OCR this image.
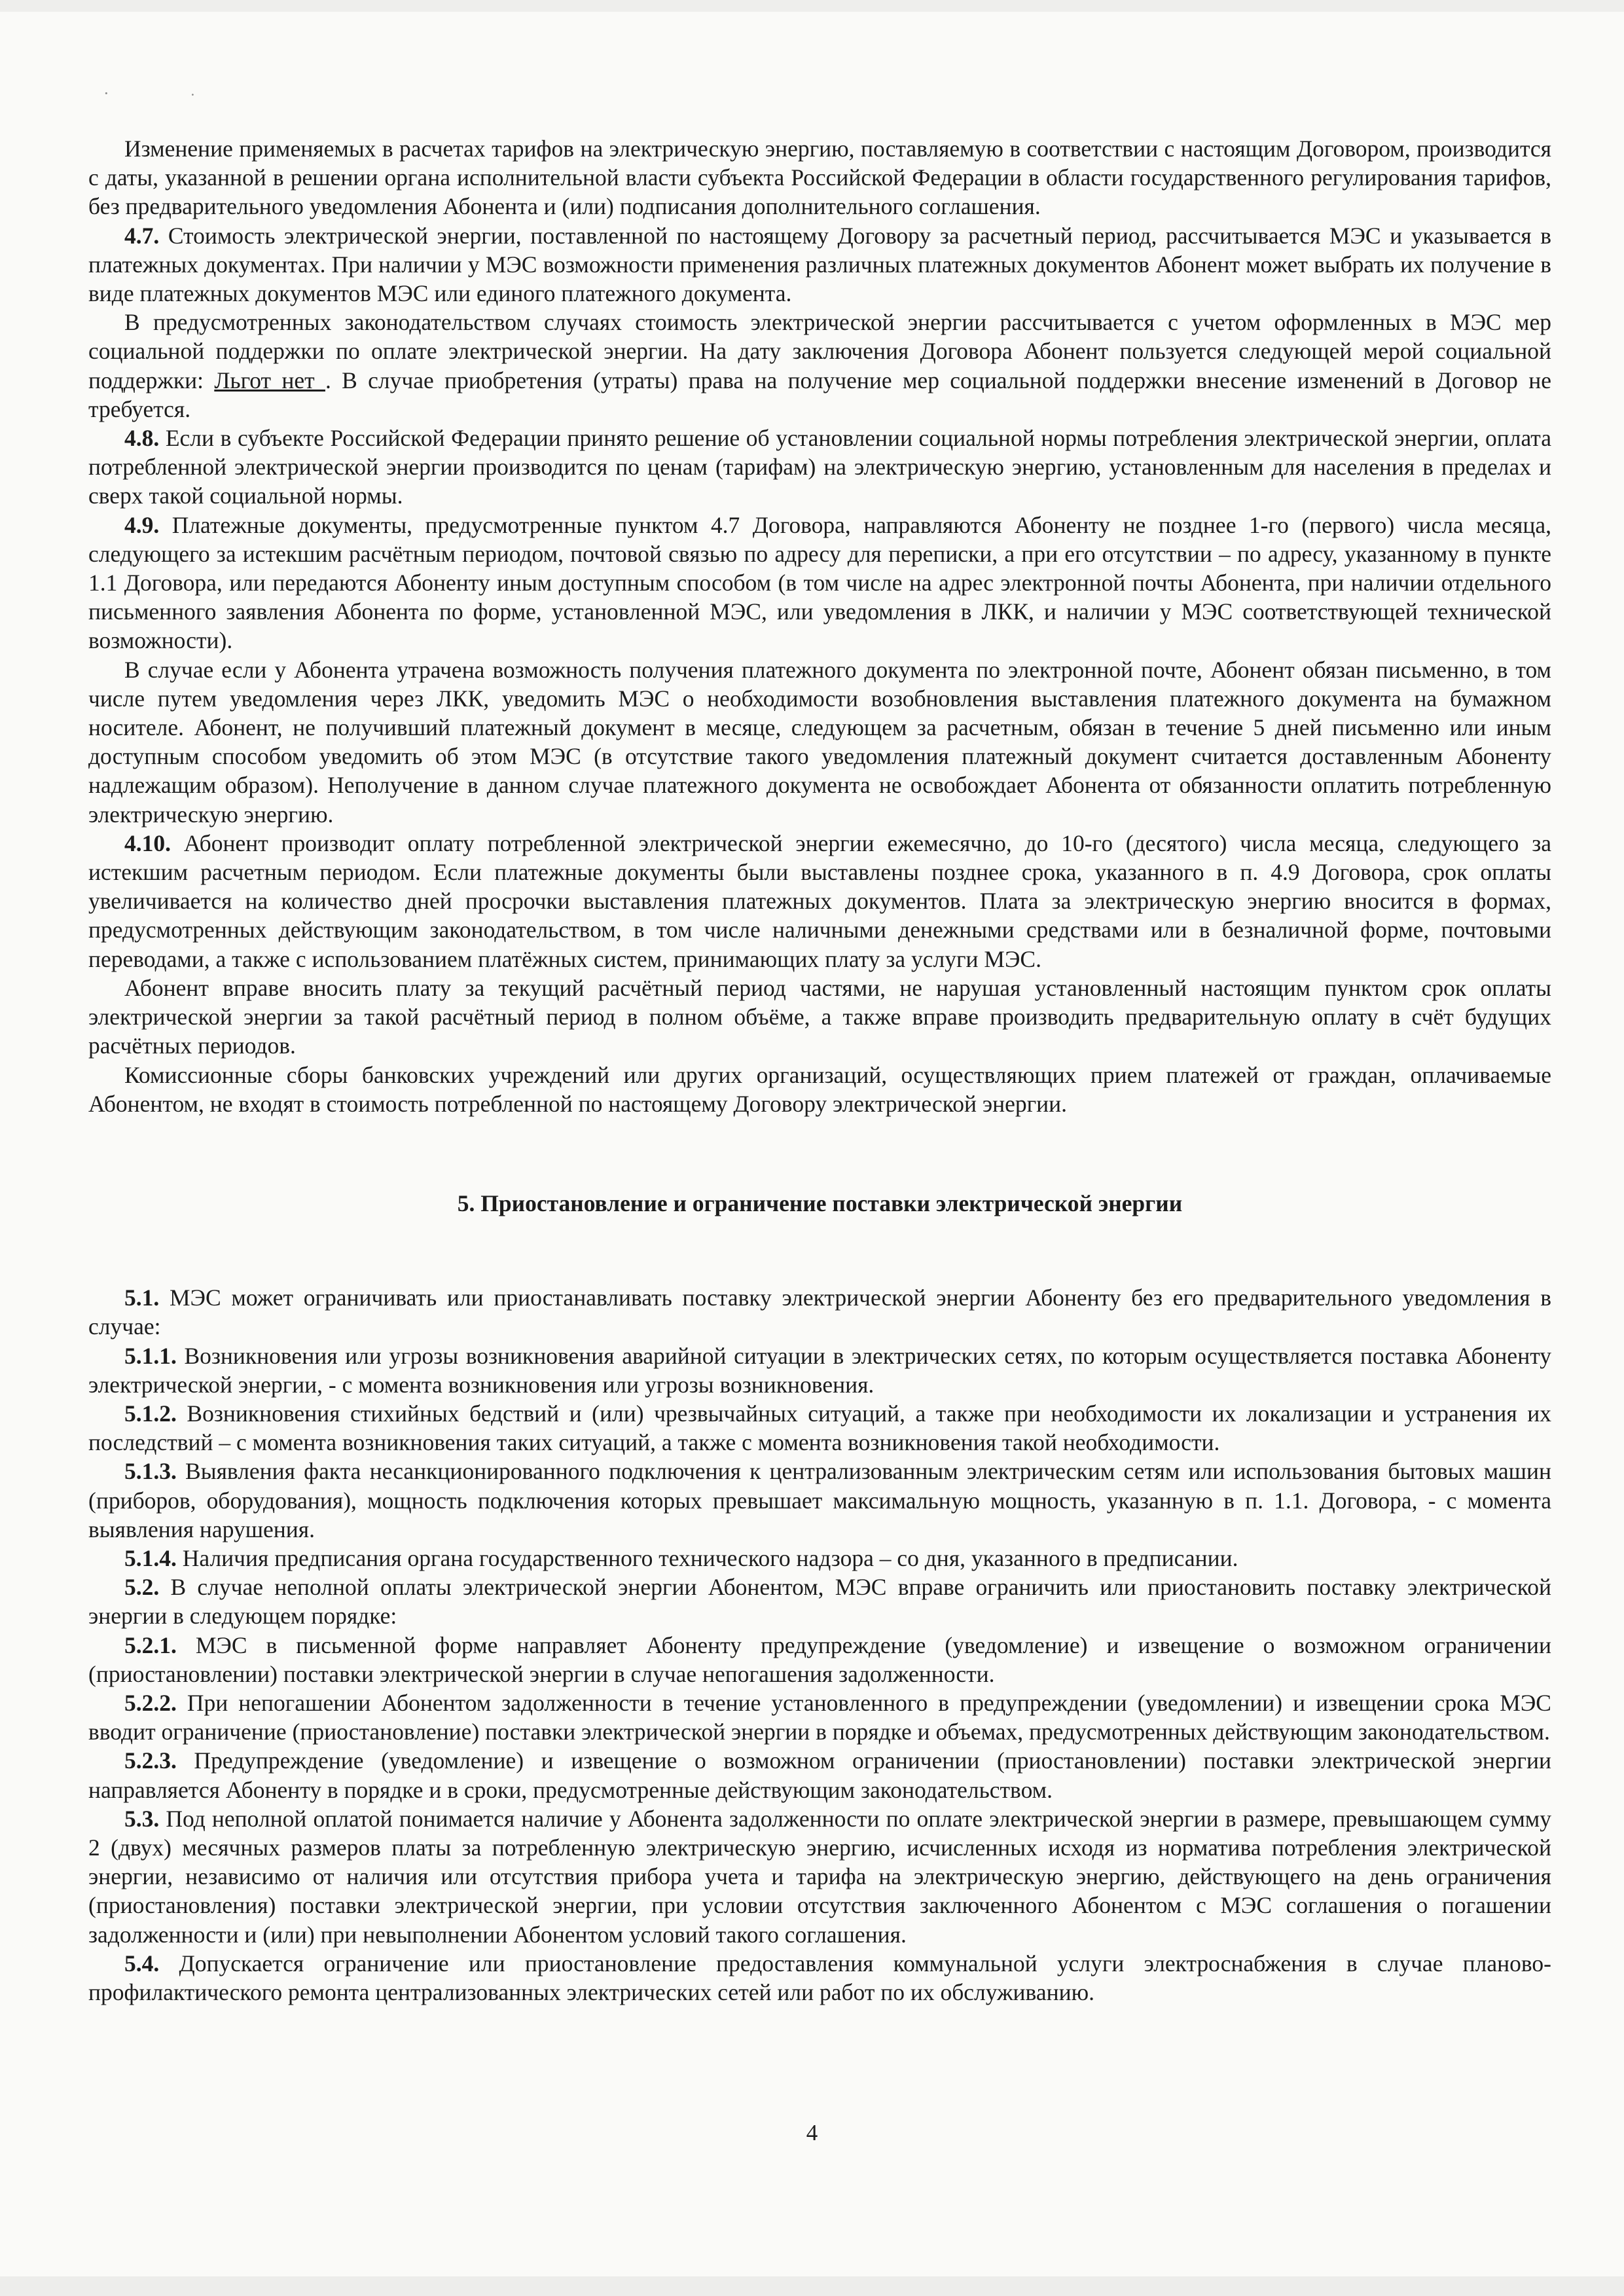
·	˙

Изменение применяемых в расчетах тарифов на электрическую энергию, поставляемую в соответствии с настоящим Договором, производится с даты, указанной в решении органа исполнительной власти субъекта Российской Федерации в области государственного регулирования тарифов, без предварительного уведомления Абонента и (или) подписания дополнительного соглашения.

4.7. Стоимость электрической энергии, поставленной по настоящему Договору за расчетный период, рассчитывается МЭС и указывается в платежных документах. При наличии у МЭС возможности применения различных платежных документов Абонент может выбрать их получение в виде платежных документов МЭС или единого платежного документа.

В предусмотренных законодательством случаях стоимость электрической энергии рассчитывается с учетом оформленных в МЭС мер социальной поддержки по оплате электрической энергии. На дату заключения Договора Абонент пользуется следующей мерой социальной поддержки: Льгот нет . В случае приобретения (утраты) права на получение мер социальной поддержки внесение изменений в Договор не требуется.

4.8. Если в субъекте Российской Федерации принято решение об установлении социальной нормы потребления электрической энергии, оплата потребленной электрической энергии производится по ценам (тарифам) на электрическую энергию, установленным для населения в пределах и сверх такой социальной нормы.

4.9. Платежные документы, предусмотренные пунктом 4.7 Договора, направляются Абоненту не позднее 1-го (первого) числа месяца, следующего за истекшим расчётным периодом, почтовой связью по адресу для переписки, а при его отсутствии – по адресу, указанному в пункте 1.1 Договора, или передаются Абоненту иным доступным способом (в том числе на адрес электронной почты Абонента, при наличии отдельного письменного заявления Абонента по форме, установленной МЭС, или уведомления в ЛКК, и наличии у МЭС соответствующей технической возможности).

В случае если у Абонента утрачена возможность получения платежного документа по электронной почте, Абонент обязан письменно, в том числе путем уведомления через ЛКК, уведомить МЭС о необходимости возобновления выставления платежного документа на бумажном носителе. Абонент, не получивший платежный документ в месяце, следующем за расчетным, обязан в течение 5 дней письменно или иным доступным способом уведомить об этом МЭС (в отсутствие такого уведомления платежный документ считается доставленным Абоненту надлежащим образом). Неполучение в данном случае платежного документа не освобождает Абонента от обязанности оплатить потребленную электрическую энергию.

4.10. Абонент производит оплату потребленной электрической энергии ежемесячно, до 10-го (десятого) числа месяца, следующего за истекшим расчетным периодом. Если платежные документы были выставлены позднее срока, указанного в п. 4.9 Договора, срок оплаты увеличивается на количество дней просрочки выставления платежных документов. Плата за электрическую энергию вносится в формах, предусмотренных действующим законодательством, в том числе наличными денежными средствами или в безналичной форме, почтовыми переводами, а также с использованием платёжных систем, принимающих плату за услуги МЭС.

Абонент вправе вносить плату за текущий расчётный период частями, не нарушая установленный настоящим пунктом срок оплаты электрической энергии за такой расчётный период в полном объёме, а также вправе производить предварительную оплату в счёт будущих расчётных периодов.

Комиссионные сборы банковских учреждений или других организаций, осуществляющих прием платежей от граждан, оплачиваемые Абонентом, не входят в стоимость потребленной по настоящему Договору электрической энергии.

5. Приостановление и ограничение поставки электрической энергии

5.1. МЭС может ограничивать или приостанавливать поставку электрической энергии Абоненту без его предварительного уведомления в случае:

5.1.1. Возникновения или угрозы возникновения аварийной ситуации в электрических сетях, по которым осуществляется поставка Абоненту электрической энергии, - с момента возникновения или угрозы возникновения.

5.1.2. Возникновения стихийных бедствий и (или) чрезвычайных ситуаций, а также при необходимости их локализации и устранения их последствий – с момента возникновения таких ситуаций, а также с момента возникновения такой необходимости.

5.1.3. Выявления факта несанкционированного подключения к централизованным электрическим сетям или использования бытовых машин (приборов, оборудования), мощность подключения которых превышает максимальную мощность, указанную в п. 1.1. Договора, - с момента выявления нарушения.

5.1.4. Наличия предписания органа государственного технического надзора – со дня, указанного в предписании.

5.2. В случае неполной оплаты электрической энергии Абонентом, МЭС вправе ограничить или приостановить поставку электрической энергии в следующем порядке:

5.2.1. МЭС в письменной форме направляет Абоненту предупреждение (уведомление) и извещение о возможном ограничении (приостановлении) поставки электрической энергии в случае непогашения задолженности.

5.2.2. При непогашении Абонентом задолженности в течение установленного в предупреждении (уведомлении) и извещении срока МЭС вводит ограничение (приостановление) поставки электрической энергии в порядке и объемах, предусмотренных действующим законодательством.

5.2.3. Предупреждение (уведомление) и извещение о возможном ограничении (приостановлении) поставки электрической энергии направляется Абоненту в порядке и в сроки, предусмотренные действующим законодательством.

5.3. Под неполной оплатой понимается наличие у Абонента задолженности по оплате электрической энергии в размере, превышающем сумму 2 (двух) месячных размеров платы за потребленную электрическую энергию, исчисленных исходя из норматива потребления электрической энергии, независимо от наличия или отсутствия прибора учета и тарифа на электрическую энергию, действующего на день ограничения (приостановления) поставки электрической энергии, при условии отсутствия заключенного Абонентом с МЭС соглашения о погашении задолженности и (или) при невыполнении Абонентом условий такого соглашения.

5.4. Допускается ограничение или приостановление предоставления коммунальной услуги электроснабжения в случае планово-профилактического ремонта централизованных электрических сетей или работ по их обслуживанию.

4
